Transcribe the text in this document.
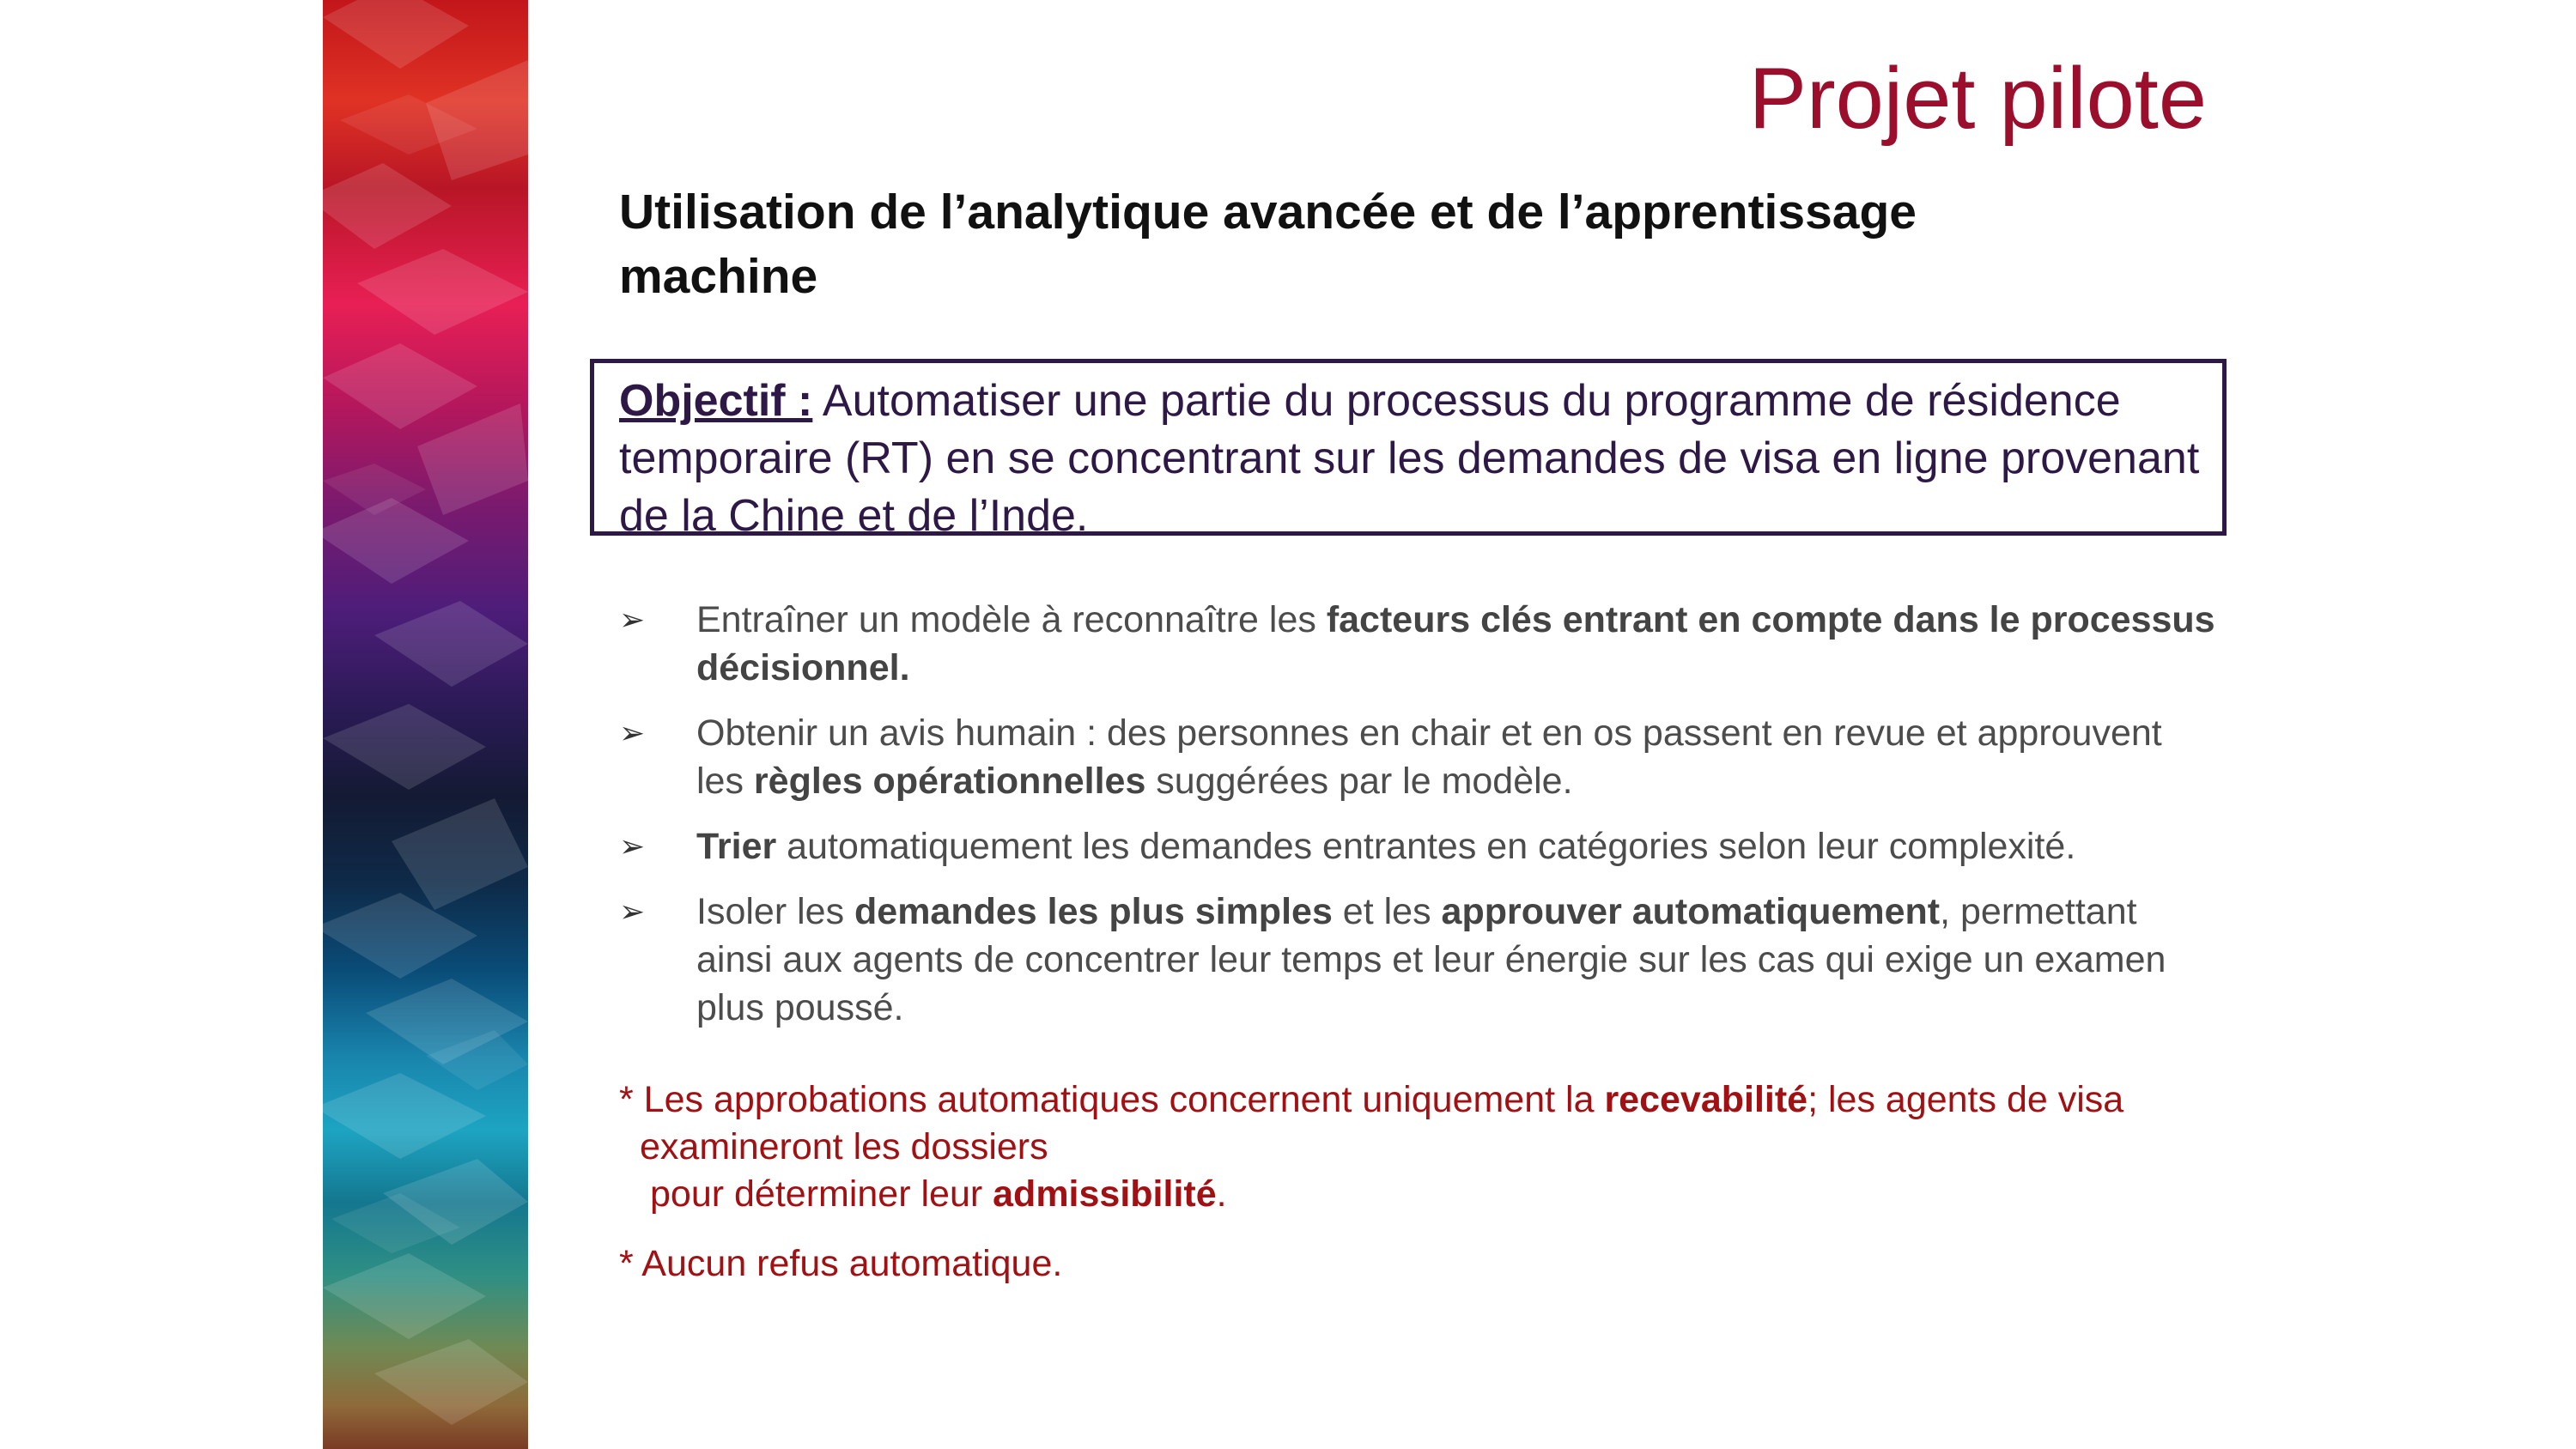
Projet pilote
Utilisation de l’analytique avancée et de l’apprentissage machine

Objectif : Automatiser une partie du processus du programme de résidence temporaire (RT) en se concentrant sur les demandes de visa en ligne provenant de la Chine et de l’Inde.

➢ Entraîner un modèle à reconnaître les facteurs clés entrant en compte dans le processus décisionnel.
➢ Obtenir un avis humain : des personnes en chair et en os passent en revue et approuvent les règles opérationnelles suggérées par le modèle.
➢ Trier automatiquement les demandes entrantes en catégories selon leur complexité.
➢ Isoler les demandes les plus simples et les approuver automatiquement, permettant ainsi aux agents de concentrer leur temps et leur énergie sur les cas qui exige un examen plus poussé.

* Les approbations automatiques concernent uniquement la recevabilité; les agents de visa

examineront les dossiers

pour déterminer leur admissibilité.

* Aucun refus automatique.
